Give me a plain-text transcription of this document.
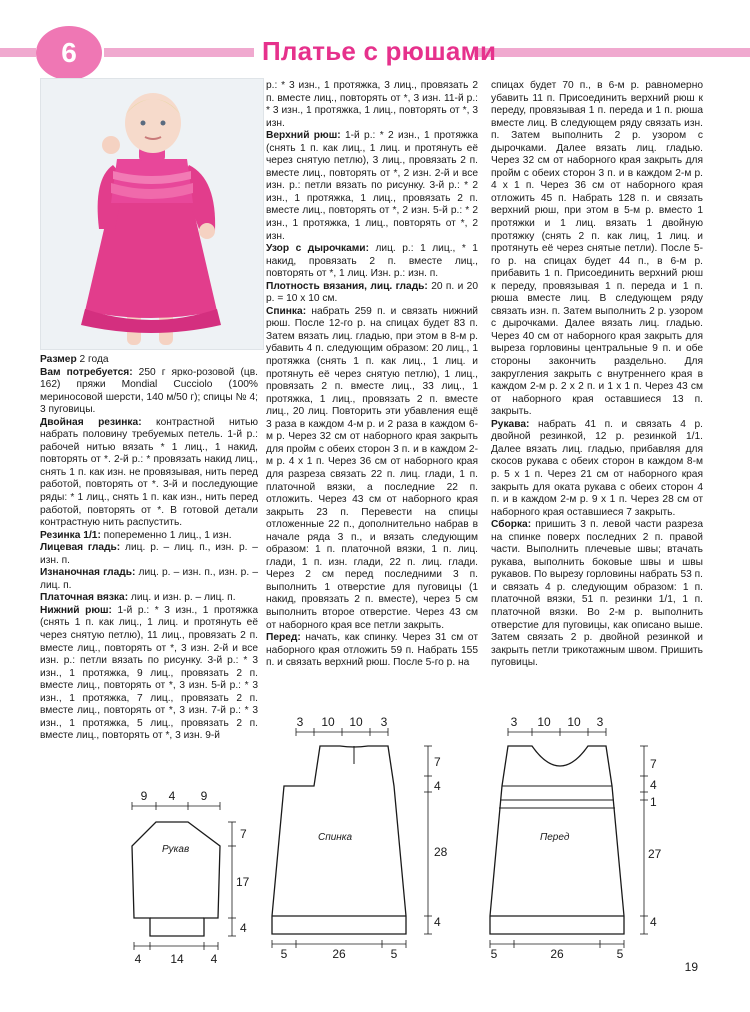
6	Платье с рюшами

Размер 2 года

Вам потребуется: 250 г ярко-розовой (цв. 162) пряжи Mondial Cucciolo (100% мериносовой шерсти, 140 м/50 г); спицы № 4; 3 пуговицы.

Двойная резинка: контрастной нитью набрать половину требуемых петель. 1-й р.: рабочей нитью вязать * 1 лиц., 1 накид, повторять от *. 2-й р.: * провязать накид лиц., снять 1 п. как изн. не провязывая, нить перед работой, повторять от *. 3-й и последующие ряды: * 1 лиц., снять 1 п. как изн., нить перед работой, повторять от *. В готовой детали контрастную нить распустить.

Резинка 1/1: попеременно 1 лиц., 1 изн.

Лицевая гладь: лиц. р. – лиц. п., изн. р. – изн. п.

Изнаночная гладь: лиц. р. – изн. п., изн. р. – лиц. п.

Платочная вязка: лиц. и изн. р. – лиц. п.

Нижний рюш: 1-й р.: * 3 изн., 1 протяжка (снять 1 п. как лиц., 1 лиц. и протянуть её через снятую петлю), 11 лиц., провязать 2 п. вместе лиц., повторять от *, 3 изн. 2-й и все изн. р.: петли вязать по рисунку. 3-й р.: * 3 изн., 1 протяжка, 9 лиц., провязать 2 п. вместе лиц., повторять от *, 3 изн. 5-й р.: * 3 изн., 1 протяжка, 7 лиц., провязать 2 п. вместе лиц., повторять от *, 3 изн. 7-й р.: * 3 изн., 1 протяжка, 5 лиц., провязать 2 п. вместе лиц., повторять от *, 3 изн. 9-й

р.: * 3 изн., 1 протяжка, 3 лиц., провязать 2 п. вместе лиц., повторять от *, 3 изн. 11-й р.: * 3 изн., 1 протяжка, 1 лиц., повторять от *, 3 изн.

Верхний рюш: 1-й р.: * 2 изн., 1 протяжка (снять 1 п. как лиц., 1 лиц. и протянуть её через снятую петлю), 3 лиц., провязать 2 п. вместе лиц., повторять от *, 2 изн. 2-й и все изн. р.: петли вязать по рисунку. 3-й р.: * 2 изн., 1 протяжка, 1 лиц., провязать 2 п. вместе лиц., повторять от *, 2 изн. 5-й р.: * 2 изн., 1 протяжка, 1 лиц., повторять от *, 2 изн.

Узор с дырочками: лиц. р.: 1 лиц., * 1 накид, провязать 2 п. вместе лиц., повторять от *, 1 лиц. Изн. р.: изн. п.

Плотность вязания, лиц. гладь: 20 п. и 20 р. = 10 х 10 см.

Спинка: набрать 259 п. и связать нижний рюш. После 12-го р. на спицах будет 83 п. Затем вязать лиц. гладью, при этом в 8-м р. убавить 4 п. следующим образом: 20 лиц., 1 протяжка (снять 1 п. как лиц., 1 лиц. и протянуть её через снятую петлю), 1 лиц., провязать 2 п. вместе лиц., 33 лиц., 1 протяжка, 1 лиц., провязать 2 п. вместе лиц., 20 лиц. Повторить эти убавления ещё 3 раза в каждом 4-м р. и 2 раза в каждом 6-м р. Через 32 см от наборного края закрыть для пройм с обеих сторон 3 п. и в каждом 2-м р. 4 х 1 п. Через 36 см от наборного края для разреза связать 22 п. лиц. глади, 1 п. платочной вязки, а последние 22 п. отложить. Через 43 см от наборного края закрыть 23 п. Перевести на спицы отложенные 22 п., дополнительно набрав в начале ряда 3 п., и вязать следующим образом: 1 п. платочной вязки, 1 п. лиц. глади, 1 п. изн. глади, 22 п. лиц. глади. Через 2 см перед последними 3 п. выполнить 1 отверстие для пуговицы (1 накид, провязать 2 п. вместе), через 5 см выполнить второе отверстие. Через 43 см от наборного края все петли закрыть.

Перед: начать, как спинку. Через 31 см от наборного края отложить 59 п. Набрать 155 п. и связать верхний рюш. После 5-го р. на

спицах будет 70 п., в 6-м р. равномерно убавить 11 п. Присоединить верхний рюш к переду, провязывая 1 п. переда и 1 п. рюша вместе лиц. В следующем ряду связать изн. п. Затем выполнить 2 р. узором с дырочками. Далее вязать лиц. гладью. Через 32 см от наборного края закрыть для пройм с обеих сторон 3 п. и в каждом 2-м р. 4 х 1 п. Через 36 см от наборного края отложить 45 п. Набрать 128 п. и связать верхний рюш, при этом в 5-м р. вместо 1 протяжки и 1 лиц. вязать 1 двойную протяжку (снять 2 п. как лиц, 1 лиц. и протянуть её через снятые петли). После 5-го р. на спицах будет 44 п., в 6-м р. прибавить 1 п. Присоединить верхний рюш к переду, провязывая 1 п. переда и 1 п. рюша вместе лиц. В следующем ряду связать изн. п. Затем выполнить 2 р. узором с дырочками. Далее вязать лиц. гладью. Через 40 см от наборного края закрыть для выреза горловины центральные 9 п. и обе стороны закончить раздельно. Для закругления закрыть с внутреннего края в каждом 2-м р. 2 х 2 п. и 1 х 1 п. Через 43 см от наборного края оставшиеся 13 п. закрыть.

Рукава: набрать 41 п. и связать 4 р. двойной резинкой, 12 р. резинкой 1/1. Далее вязать лиц. гладью, прибавляя для скосов рукава с обеих сторон в каждом 8-м р. 5 х 1 п. Через 21 см от наборного края закрыть для оката рукава с обеих сторон 4 п. и в каждом 2-м р. 9 х 1 п. Через 28 см от наборного края оставшиеся 7 закрыть.

Сборка: пришить 3 п. левой части разреза на спинке поверх последних 2 п. правой части. Выполнить плечевые швы; втачать рукава, выполнить боковые швы и швы рукавов. По вырезу горловины набрать 53 п. и связать 4 р. следующим образом: 1 п. платочной вязки, 51 п. резинки 1/1, 1 п. платочной вязки. Во 2-м р. выполнить отверстие для пуговицы, как описано выше. Затем связать 2 р. двойной резинкой и закрыть петли трикотажным швом. Пришить пуговицы.

Рукав
9 4 9
7
17
4
4 14 4
Спинка
3 10 10 3
7
4
28
4
5	26	5
Перед
3 10 10 3
7
4
1
27
4
5	26	5
19
